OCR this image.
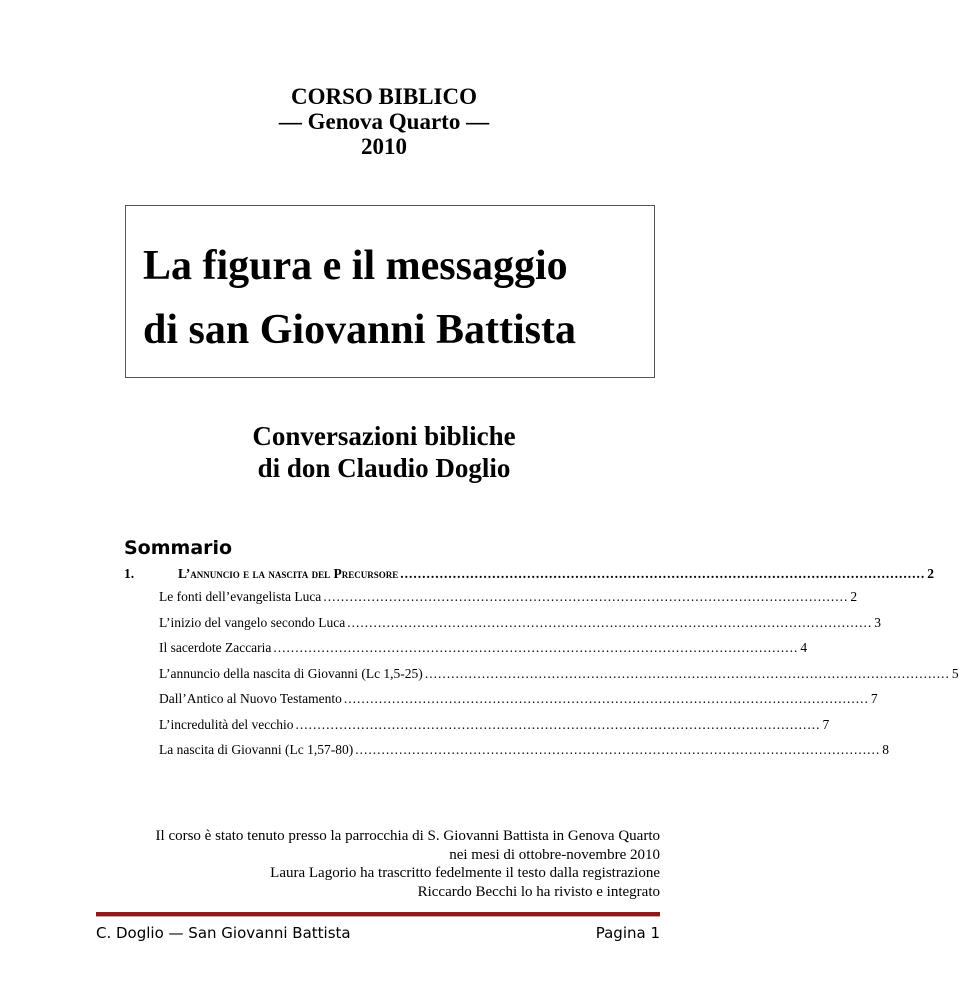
CORSO BIBLICO
— Genova Quarto —
2010
La figura e il messaggio
di san Giovanni Battista
Conversazioni bibliche
di don Claudio Doglio
Sommario
1.	L’annuncio e la nascita del Precursore ........................................................................................................................ 2
Le fonti dell’evangelista Luca ........................................................................................................................ 2
L’inizio del vangelo secondo Luca ........................................................................................................................ 3
Il sacerdote Zaccaria ........................................................................................................................ 4
L’annuncio della nascita di Giovanni (Lc 1,5-25) ........................................................................................................................ 5
Dall’Antico al Nuovo Testamento ........................................................................................................................ 7
L’incredulità del vecchio ........................................................................................................................ 7
La nascita di Giovanni (Lc 1,57-80) ........................................................................................................................ 8
Il corso è stato tenuto presso la parrocchia di S. Giovanni Battista in Genova Quarto
nei mesi di ottobre-novembre 2010
Laura Lagorio ha trascritto fedelmente il testo dalla registrazione
Riccardo Becchi lo ha rivisto e integrato
C. Doglio — San Giovanni Battista	Pagina 1
